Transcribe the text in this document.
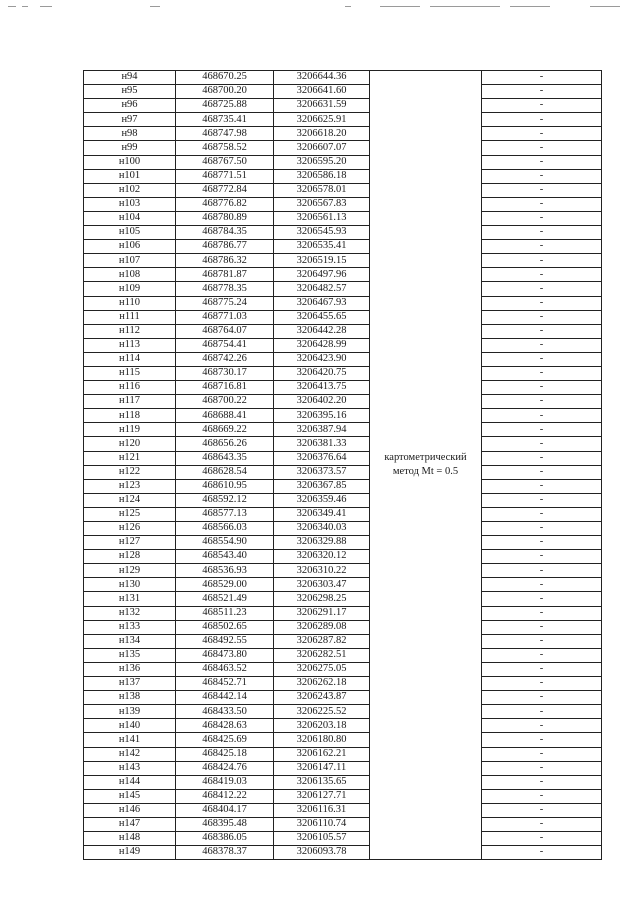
н94	468670.25	3206644.36	картометрический
метод Mt = 0.5	-
н95	468700.20	3206641.60		-
н96	468725.88	3206631.59		-
н97	468735.41	3206625.91		-
н98	468747.98	3206618.20		-
н99	468758.52	3206607.07		-
н100	468767.50	3206595.20		-
н101	468771.51	3206586.18		-
н102	468772.84	3206578.01		-
н103	468776.82	3206567.83		-
н104	468780.89	3206561.13		-
н105	468784.35	3206545.93		-
н106	468786.77	3206535.41		-
н107	468786.32	3206519.15		-
н108	468781.87	3206497.96		-
н109	468778.35	3206482.57		-
н110	468775.24	3206467.93		-
н111	468771.03	3206455.65		-
н112	468764.07	3206442.28		-
н113	468754.41	3206428.99		-
н114	468742.26	3206423.90		-
н115	468730.17	3206420.75		-
н116	468716.81	3206413.75		-
н117	468700.22	3206402.20		-
н118	468688.41	3206395.16		-
н119	468669.22	3206387.94		-
н120	468656.26	3206381.33		-
н121	468643.35	3206376.64		-
н122	468628.54	3206373.57		-
н123	468610.95	3206367.85		-
н124	468592.12	3206359.46		-
н125	468577.13	3206349.41		-
н126	468566.03	3206340.03		-
н127	468554.90	3206329.88		-
н128	468543.40	3206320.12		-
н129	468536.93	3206310.22		-
н130	468529.00	3206303.47		-
н131	468521.49	3206298.25		-
н132	468511.23	3206291.17		-
н133	468502.65	3206289.08		-
н134	468492.55	3206287.82		-
н135	468473.80	3206282.51		-
н136	468463.52	3206275.05		-
н137	468452.71	3206262.18		-
н138	468442.14	3206243.87		-
н139	468433.50	3206225.52		-
н140	468428.63	3206203.18		-
н141	468425.69	3206180.80		-
н142	468425.18	3206162.21		-
н143	468424.76	3206147.11		-
н144	468419.03	3206135.65		-
н145	468412.22	3206127.71		-
н146	468404.17	3206116.31		-
н147	468395.48	3206110.74		-
н148	468386.05	3206105.57		-
н149	468378.37	3206093.78		-
